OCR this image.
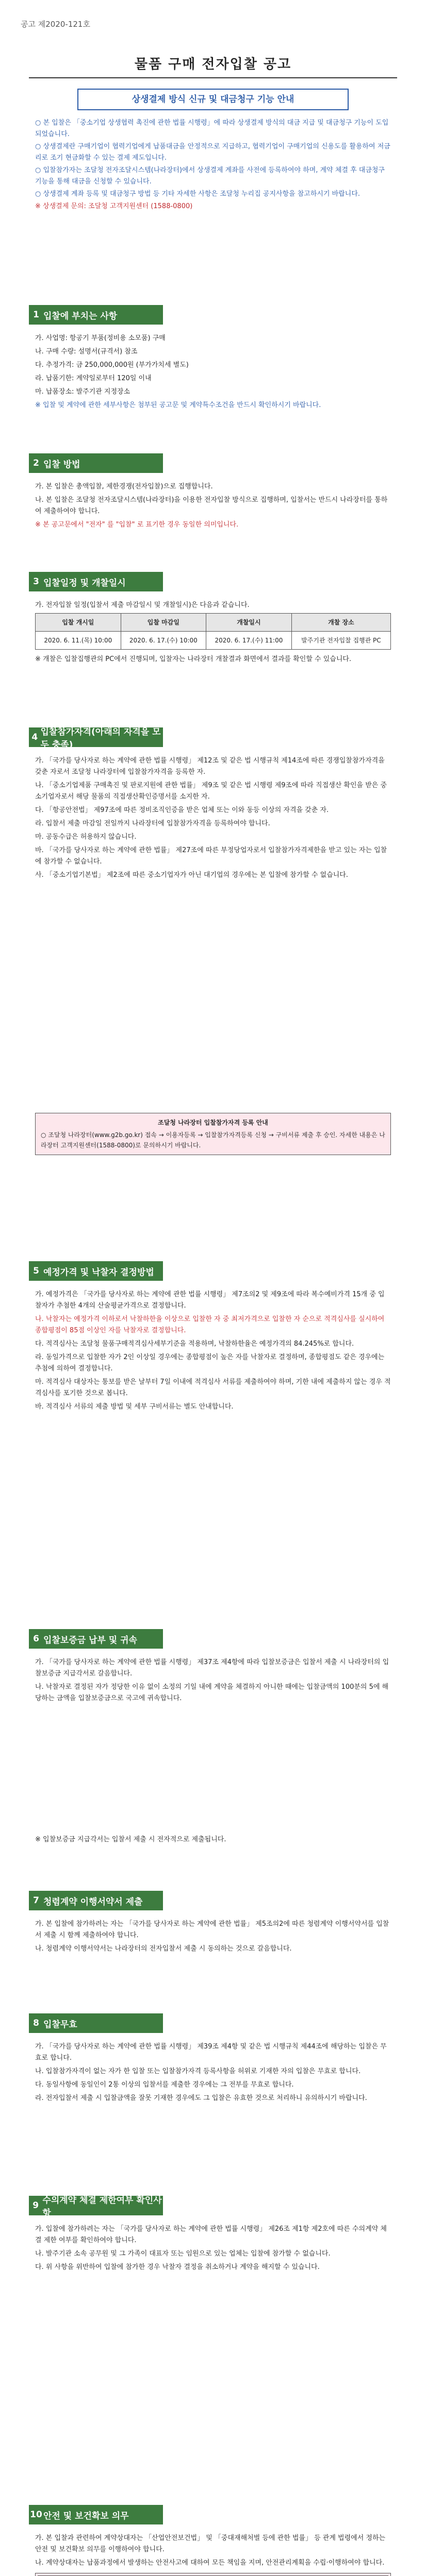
공고 제2020-121호
물품 구매 전자입찰 공고
상생결제 방식 신규 및 대금청구 기능 안내

○ 본 입찰은 「중소기업 상생협력 촉진에 관한 법률 시행령」에 따라 상생결제 방식의 대금 지급 및 대금청구 기능이 도입되었습니다.

○ 상생결제란 구매기업이 협력기업에게 납품대금을 안정적으로 지급하고, 협력기업이 구매기업의 신용도를 활용하여 저금리로 조기 현금화할 수 있는 결제 제도입니다.

○ 입찰참가자는 조달청 전자조달시스템(나라장터)에서 상생결제 계좌를 사전에 등록하여야 하며, 계약 체결 후 대금청구 기능을 통해 대금을 신청할 수 있습니다.

○ 상생결제 계좌 등록 및 대금청구 방법 등 기타 자세한 사항은 조달청 누리집 공지사항을 참고하시기 바랍니다.

※ 상생결제 문의: 조달청 고객지원센터 (1588-0800)

1 입찰에 부치는 사항

가. 사업명: 항공기 부품(정비용 소모품) 구매

나. 구매 수량: 설명서(규격서) 참조

다. 추정가격: 금 250,000,000원 (부가가치세 별도)

라. 납품기한: 계약일로부터 120일 이내

마. 납품장소: 발주기관 지정장소

※ 입찰 및 계약에 관한 세부사항은 첨부된 공고문 및 계약특수조건을 반드시 확인하시기 바랍니다.

2 입찰 방법

가. 본 입찰은 총액입찰, 제한경쟁(전자입찰)으로 집행합니다.

나. 본 입찰은 조달청 전자조달시스템(나라장터)을 이용한 전자입찰 방식으로 집행하며, 입찰서는 반드시 나라장터를 통하여 제출하여야 합니다.

※ 본 공고문에서 "전자" 를 "입찰" 로 표기한 경우 동일한 의미입니다.

3 입찰일정 및 개찰일시

가. 전자입찰 일정(입찰서 제출 마감일시 및 개찰일시)은 다음과 같습니다.

입찰 개시일	입찰 마감일	개찰일시	개찰 장소
2020. 6. 11.(목) 10:00	2020. 6. 17.(수) 10:00	2020. 6. 17.(수) 11:00	발주기관 전자입찰 집행관 PC

※ 개찰은 입찰집행관의 PC에서 진행되며, 입찰자는 나라장터 개찰결과 화면에서 결과를 확인할 수 있습니다.

4 입찰참가자격(아래의 자격을 모두 충족)

가. 「국가를 당사자로 하는 계약에 관한 법률 시행령」 제12조 및 같은 법 시행규칙 제14조에 따른 경쟁입찰참가자격을 갖춘 자로서 조달청 나라장터에 입찰참가자격을 등록한 자.

나. 「중소기업제품 구매촉진 및 판로지원에 관한 법률」 제9조 및 같은 법 시행령 제9조에 따라 직접생산 확인을 받은 중소기업자로서 해당 물품의 직접생산확인증명서를 소지한 자.

다. 「항공안전법」 제97조에 따른 정비조직인증을 받은 업체 또는 이와 동등 이상의 자격을 갖춘 자.

라. 입찰서 제출 마감일 전일까지 나라장터에 입찰참가자격을 등록하여야 합니다.

마. 공동수급은 허용하지 않습니다.

바. 「국가를 당사자로 하는 계약에 관한 법률」 제27조에 따른 부정당업자로서 입찰참가자격제한을 받고 있는 자는 입찰에 참가할 수 없습니다.

사. 「중소기업기본법」 제2조에 따른 중소기업자가 아닌 대기업의 경우에는 본 입찰에 참가할 수 없습니다.

조달청 나라장터 입찰참가자격 등록 안내
○ 조달청 나라장터(www.g2b.go.kr) 접속 → 이용자등록 → 입찰참가자격등록 신청 → 구비서류 제출 후 승인. 자세한 내용은 나라장터 고객지원센터(1588-0800)로 문의하시기 바랍니다.
5 예정가격 및 낙찰자 결정방법

가. 예정가격은 「국가를 당사자로 하는 계약에 관한 법률 시행령」 제7조의2 및 제9조에 따라 복수예비가격 15개 중 입찰자가 추첨한 4개의 산술평균가격으로 결정합니다.

나. 낙찰자는 예정가격 이하로서 낙찰하한율 이상으로 입찰한 자 중 최저가격으로 입찰한 자 순으로 적격심사를 실시하여 종합평점이 85점 이상인 자를 낙찰자로 결정합니다.

다. 적격심사는 조달청 물품구매적격심사세부기준을 적용하며, 낙찰하한율은 예정가격의 84.245%로 합니다.

라. 동일가격으로 입찰한 자가 2인 이상일 경우에는 종합평점이 높은 자를 낙찰자로 결정하며, 종합평점도 같은 경우에는 추첨에 의하여 결정합니다.

마. 적격심사 대상자는 통보를 받은 날부터 7일 이내에 적격심사 서류를 제출하여야 하며, 기한 내에 제출하지 않는 경우 적격심사를 포기한 것으로 봅니다.

바. 적격심사 서류의 제출 방법 및 세부 구비서류는 별도 안내합니다.

6 입찰보증금 납부 및 귀속

가. 「국가를 당사자로 하는 계약에 관한 법률 시행령」 제37조 제4항에 따라 입찰보증금은 입찰서 제출 시 나라장터의 입찰보증금 지급각서로 갈음합니다.

나. 낙찰자로 결정된 자가 정당한 이유 없이 소정의 기일 내에 계약을 체결하지 아니한 때에는 입찰금액의 100분의 5에 해당하는 금액을 입찰보증금으로 국고에 귀속합니다.

※ 입찰보증금 지급각서는 입찰서 제출 시 전자적으로 제출됩니다.

7 청렴계약 이행서약서 제출

가. 본 입찰에 참가하려는 자는 「국가를 당사자로 하는 계약에 관한 법률」 제5조의2에 따른 청렴계약 이행서약서를 입찰서 제출 시 함께 제출하여야 합니다.

나. 청렴계약 이행서약서는 나라장터의 전자입찰서 제출 시 동의하는 것으로 갈음합니다.

8 입찰무효

가. 「국가를 당사자로 하는 계약에 관한 법률 시행령」 제39조 제4항 및 같은 법 시행규칙 제44조에 해당하는 입찰은 무효로 합니다.

나. 입찰참가자격이 없는 자가 한 입찰 또는 입찰참가자격 등록사항을 허위로 기재한 자의 입찰은 무효로 합니다.

다. 동일사항에 동일인이 2통 이상의 입찰서를 제출한 경우에는 그 전부를 무효로 합니다.

라. 전자입찰서 제출 시 입찰금액을 잘못 기재한 경우에도 그 입찰은 유효한 것으로 처리하니 유의하시기 바랍니다.

9 수의계약 체결 제한여부 확인사항

가. 입찰에 참가하려는 자는 「국가를 당사자로 하는 계약에 관한 법률 시행령」 제26조 제1항 제2호에 따른 수의계약 체결 제한 여부를 확인하여야 합니다.

나. 발주기관 소속 공무원 및 그 가족이 대표자 또는 임원으로 있는 업체는 입찰에 참가할 수 없습니다.

다. 위 사항을 위반하여 입찰에 참가한 경우 낙찰자 결정을 취소하거나 계약을 해지할 수 있습니다.

10 안전 및 보건확보 의무

가. 본 입찰과 관련하여 계약상대자는 「산업안전보건법」 및 「중대재해처벌 등에 관한 법률」 등 관계 법령에서 정하는 안전 및 보건확보 의무를 이행하여야 합니다.

나. 계약상대자는 납품과정에서 발생하는 안전사고에 대하여 모든 책임을 지며, 안전관리계획을 수립·이행하여야 합니다.
